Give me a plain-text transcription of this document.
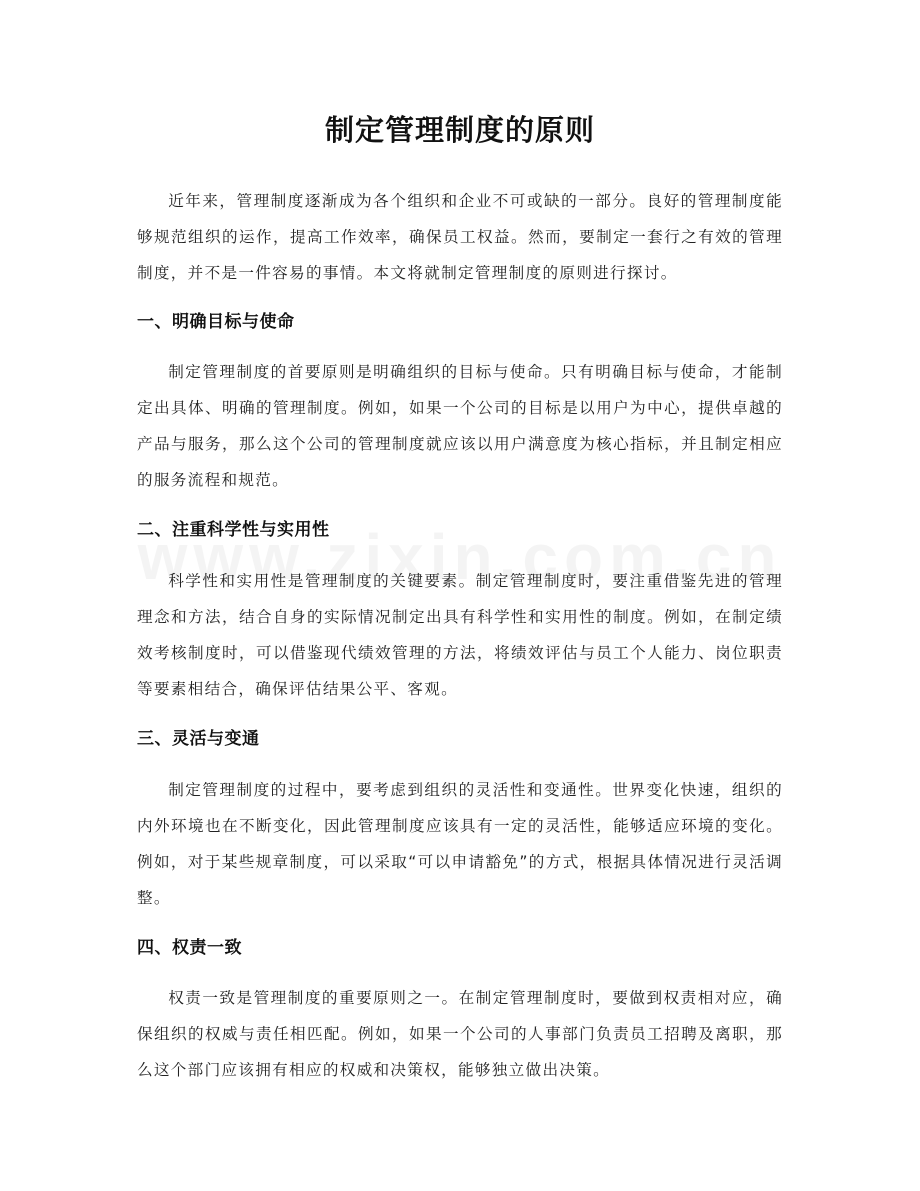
制定管理制度的原则

近年来，管理制度逐渐成为各个组织和企业不可或缺的一部分。良好的管理制度能够规范组织的运作，提高工作效率，确保员工权益。然而，要制定一套行之有效的管理制度，并不是一件容易的事情。本文将就制定管理制度的原则进行探讨。

一、明确目标与使命

制定管理制度的首要原则是明确组织的目标与使命。只有明确目标与使命，才能制定出具体、明确的管理制度。例如，如果一个公司的目标是以用户为中心，提供卓越的产品与服务，那么这个公司的管理制度就应该以用户满意度为核心指标，并且制定相应的服务流程和规范。

二、注重科学性与实用性

科学性和实用性是管理制度的关键要素。制定管理制度时，要注重借鉴先进的管理理念和方法，结合自身的实际情况制定出具有科学性和实用性的制度。例如，在制定绩效考核制度时，可以借鉴现代绩效管理的方法，将绩效评估与员工个人能力、岗位职责等要素相结合，确保评估结果公平、客观。

三、灵活与变通

制定管理制度的过程中，要考虑到组织的灵活性和变通性。世界变化快速，组织的内外环境也在不断变化，因此管理制度应该具有一定的灵活性，能够适应环境的变化。例如，对于某些规章制度，可以采取“可以申请豁免”的方式，根据具体情况进行灵活调整。

四、权责一致

权责一致是管理制度的重要原则之一。在制定管理制度时，要做到权责相对应，确保组织的权威与责任相匹配。例如，如果一个公司的人事部门负责员工招聘及离职，那么这个部门应该拥有相应的权威和决策权，能够独立做出决策。
